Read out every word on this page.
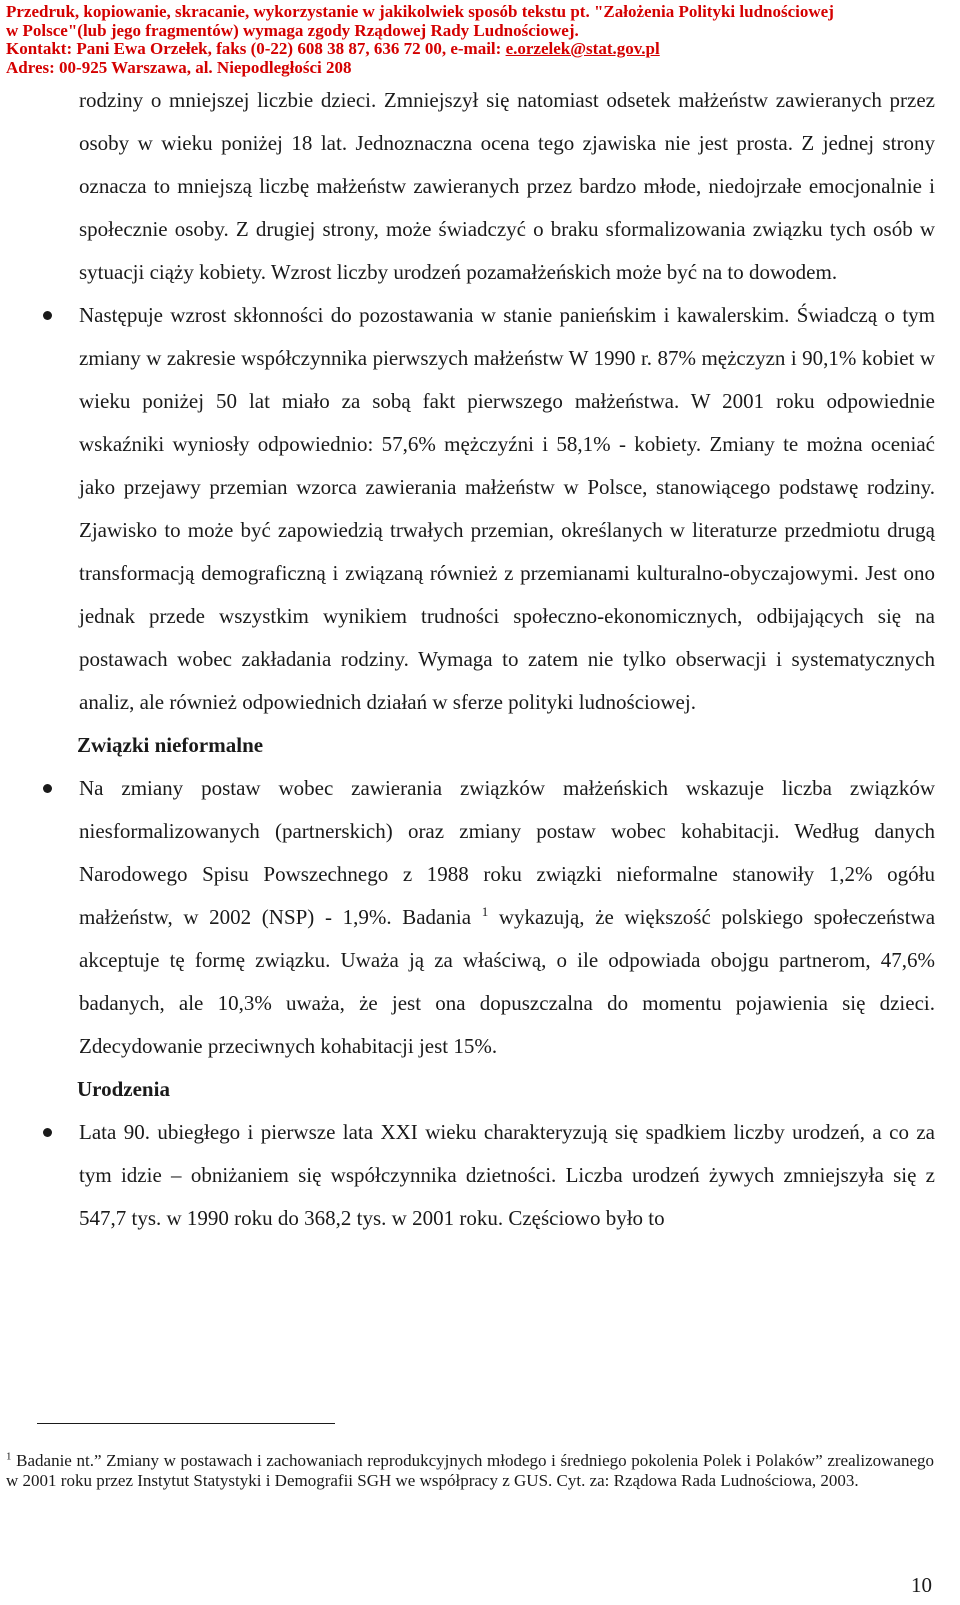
Przedruk, kopiowanie, skracanie, wykorzystanie w jakikolwiek sposób tekstu pt. "Założenia Polityki ludnościowej
w Polsce"(lub jego fragmentów) wymaga zgody Rządowej Rady Ludnościowej.
Kontakt: Pani Ewa Orzełek, faks (0-22) 608 38 87, 636 72 00, e-mail: e.orzelek@stat.gov.pl
Adres: 00-925 Warszawa, al. Niepodległości 208

rodziny o mniejszej liczbie dzieci. Zmniejszył się natomiast odsetek małżeństw zawieranych przez osoby w wieku poniżej 18 lat. Jednoznaczna ocena tego zjawiska nie jest prosta. Z jednej strony oznacza to mniejszą liczbę małżeństw zawieranych przez bardzo młode, niedojrzałe emocjonalnie i społecznie osoby. Z drugiej strony, może świadczyć o braku sformalizowania związku tych osób w sytuacji ciąży kobiety. Wzrost liczby urodzeń pozamałżeńskich może być na to dowodem.

Następuje wzrost skłonności do pozostawania w stanie panieńskim i kawalerskim. Świadczą o tym zmiany w zakresie współczynnika pierwszych małżeństw W 1990 r. 87% mężczyzn i 90,1% kobiet w wieku poniżej 50 lat miało za sobą fakt pierwszego małżeństwa. W 2001 roku odpowiednie wskaźniki wyniosły odpowiednio: 57,6% mężczyźni i 58,1% - kobiety. Zmiany te można oceniać jako przejawy przemian wzorca zawierania małżeństw w Polsce, stanowiącego podstawę rodziny. Zjawisko to może być zapowiedzią trwałych przemian, określanych w literaturze przedmiotu drugą transformacją demograficzną i związaną również z przemianami kulturalno-obyczajowymi. Jest ono jednak przede wszystkim wynikiem trudności społeczno-ekonomicznych, odbijających się na postawach wobec zakładania rodziny. Wymaga to zatem nie tylko obserwacji i systematycznych analiz, ale również odpowiednich działań w sferze polityki ludnościowej.

Związki nieformalne

Na zmiany postaw wobec zawierania związków małżeńskich wskazuje liczba związków niesformalizowanych (partnerskich) oraz zmiany postaw wobec kohabitacji. Według danych Narodowego Spisu Powszechnego z 1988 roku związki nieformalne stanowiły 1,2% ogółu małżeństw, w 2002 (NSP) - 1,9%. Badania $^1$ wykazują, że większość polskiego społeczeństwa akceptuje tę formę związku. Uważa ją za właściwą, o ile odpowiada obojgu partnerom, 47,6% badanych, ale 10,3% uważa, że jest ona dopuszczalna do momentu pojawienia się dzieci. Zdecydowanie przeciwnych kohabitacji jest 15%.

Urodzenia

Lata 90. ubiegłego i pierwsze lata XXI wieku charakteryzują się spadkiem liczby urodzeń, a co za tym idzie – obniżaniem się współczynnika dzietności. Liczba urodzeń żywych zmniejszyła się z 547,7 tys. w 1990 roku do 368,2 tys. w 2001 roku. Częściowo było to

$^1$ Badanie nt.” Zmiany w postawach i zachowaniach reprodukcyjnych młodego i średniego pokolenia Polek i Polaków” zrealizowanego w 2001 roku przez Instytut Statystyki i Demografii SGH we współpracy z GUS. Cyt. za: Rządowa Rada Ludnościowa, 2003.
10
